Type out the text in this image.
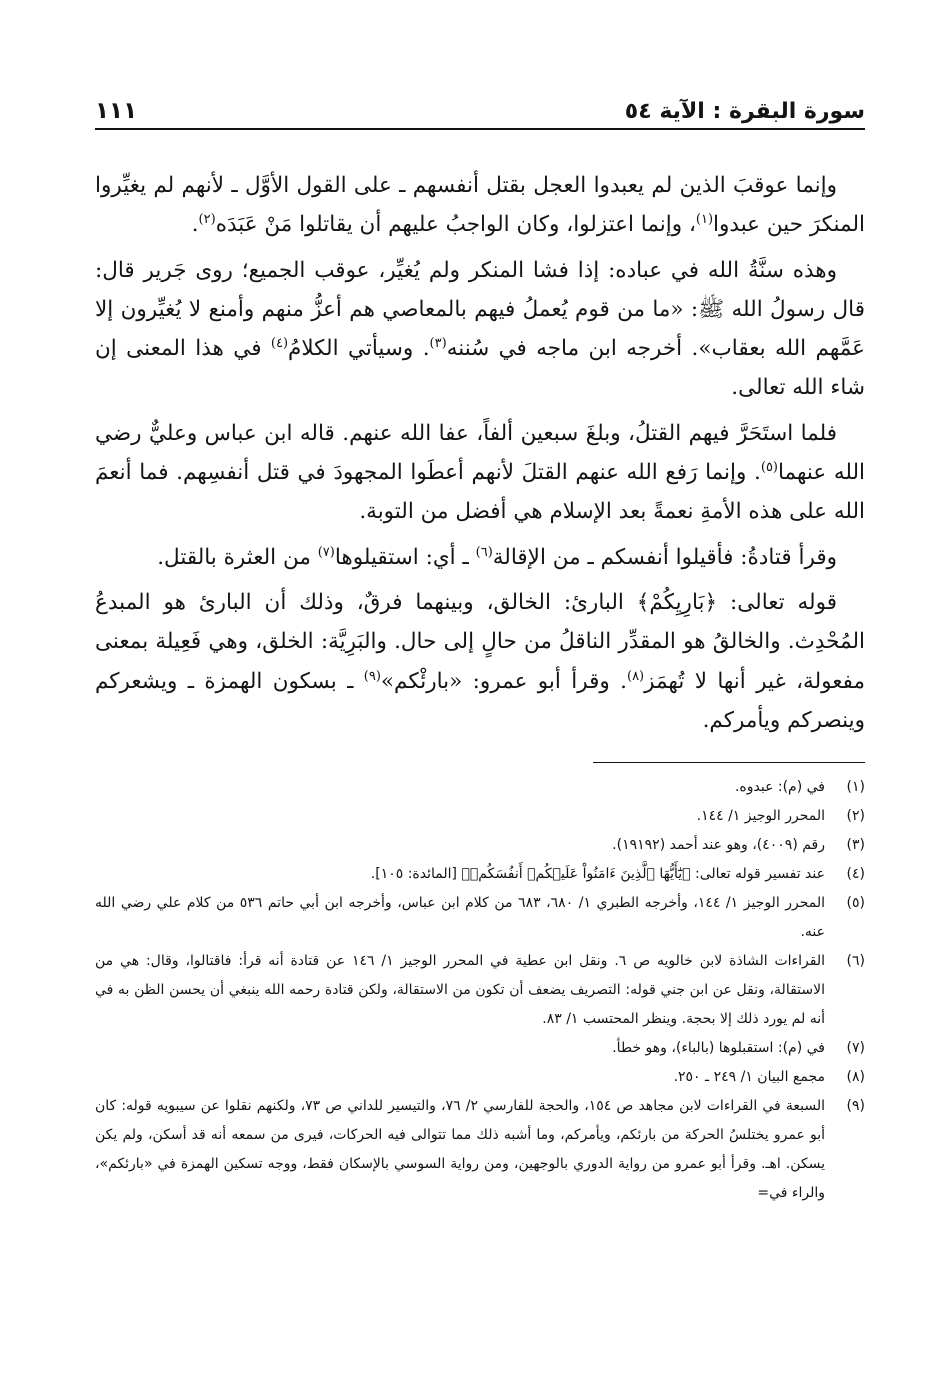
سورة البقرة : الآية ٥٤
١١١

وإنما عوقبَ الذين لم يعبدوا العجل بقتل أنفسهم ـ على القول الأوَّل ـ لأنهم لم يغيِّروا المنكرَ حين عبدوا$^{(١)}$، وإنما اعتزلوا، وكان الواجبُ عليهم أن يقاتلوا مَنْ عَبَدَه$^{(٢)}$.

وهذه سنَّةُ الله في عباده: إذا فشا المنكر ولم يُغيِّر، عوقب الجميع؛ روى جَرير قال: قال رسولُ الله ﷺ: «ما من قوم يُعملُ فيهم بالمعاصي هم أعزُّ منهم وأمنع لا يُغيِّرون إلا عَمَّهم الله بعقاب». أخرجه ابن ماجه في سُننه$^{(٣)}$. وسيأتي الكلامُ$^{(٤)}$ في هذا المعنى إن شاء الله تعالى.

فلما استَحَرَّ فيهم القتلُ، وبلغَ سبعين ألفاً، عفا الله عنهم. قاله ابن عباس وعليٌّ رضي الله عنهما$^{(٥)}$. وإنما رَفع الله عنهم القتلَ لأنهم أعطَوا المجهودَ في قتل أنفسِهم. فما أنعمَ الله على هذه الأمةِ نعمةً بعد الإسلام هي أفضل من التوبة.

وقرأ قتادةُ: فأقيلوا أنفسكم ـ من الإقالة$^{(٦)}$ ـ أي: استقيلوها$^{(٧)}$ من العثرة بالقتل.

قوله تعالى: ﴿بَارِيِكُمْ﴾ البارئ: الخالق، وبينهما فرقٌ، وذلك أن البارئ هو المبدعُ المُحْدِث. والخالقُ هو المقدِّر الناقلُ من حالٍ إلى حال. والبَرِيَّة: الخلق، وهي فَعِيلة بمعنى مفعولة، غير أنها لا تُهمَز$^{(٨)}$. وقرأ أبو عمرو: «بارئْكم»$^{(٩)}$ ـ بسكون الهمزة ـ ويشعركم وينصركم ويأمركم.

(١)
في (م): عبدوه.
(٢)
المحرر الوجيز ١/ ١٤٤.
(٣)
رقم (٤٠٠٩)، وهو عند أحمد (١٩١٩٢).
(٤)
عند تفسير قوله تعالى: ﴿يَٰٓأَيُّهَا ٱلَّذِينَ ءَامَنُواْ عَلَيۡكُمۡ أَنفُسَكُمۡ﴾ [المائدة: ١٠٥].
(٥)
المحرر الوجيز ١/ ١٤٤، وأخرجه الطبري ١/ ٦٨٠، ٦٨٣ من كلام ابن عباس، وأخرجه ابن أبي حاتم ٥٣٦ من كلام علي رضي الله عنه.
(٦)
القراءات الشاذة لابن خالويه ص ٦. ونقل ابن عطية في المحرر الوجيز ١/ ١٤٦ عن قتادة أنه قرأ: فاقتالوا، وقال: هي من الاستقالة، ونقل عن ابن جني قوله: التصريف يضعف أن تكون من الاستقالة، ولكن قتادة رحمه الله ينبغي أن يحسن الظن به في أنه لم يورد ذلك إلا بحجة. وينظر المحتسب ١/ ٨٣.
(٧)
في (م): استقبلوها (بالباء)، وهو خطأ.
(٨)
مجمع البيان ١/ ٢٤٩ ـ ٢٥٠.
(٩)
السبعة في القراءات لابن مجاهد ص ١٥٤، والحجة للفارسي ٢/ ٧٦، والتيسير للداني ص ٧٣، ولكنهم نقلوا عن سيبويه قوله: كان أبو عمرو يختلسُ الحركة من بارئكم، ويأمركم، وما أشبه ذلك مما تتوالى فيه الحركات، فيرى من سمعه أنه قد أسكن، ولم يكن يسكن. اهـ. وقرأ أبو عمرو من رواية الدوري بالوجهين، ومن رواية السوسي بالإسكان فقط، ووجه تسكين الهمزة في «بارئكم»، والراء في=
